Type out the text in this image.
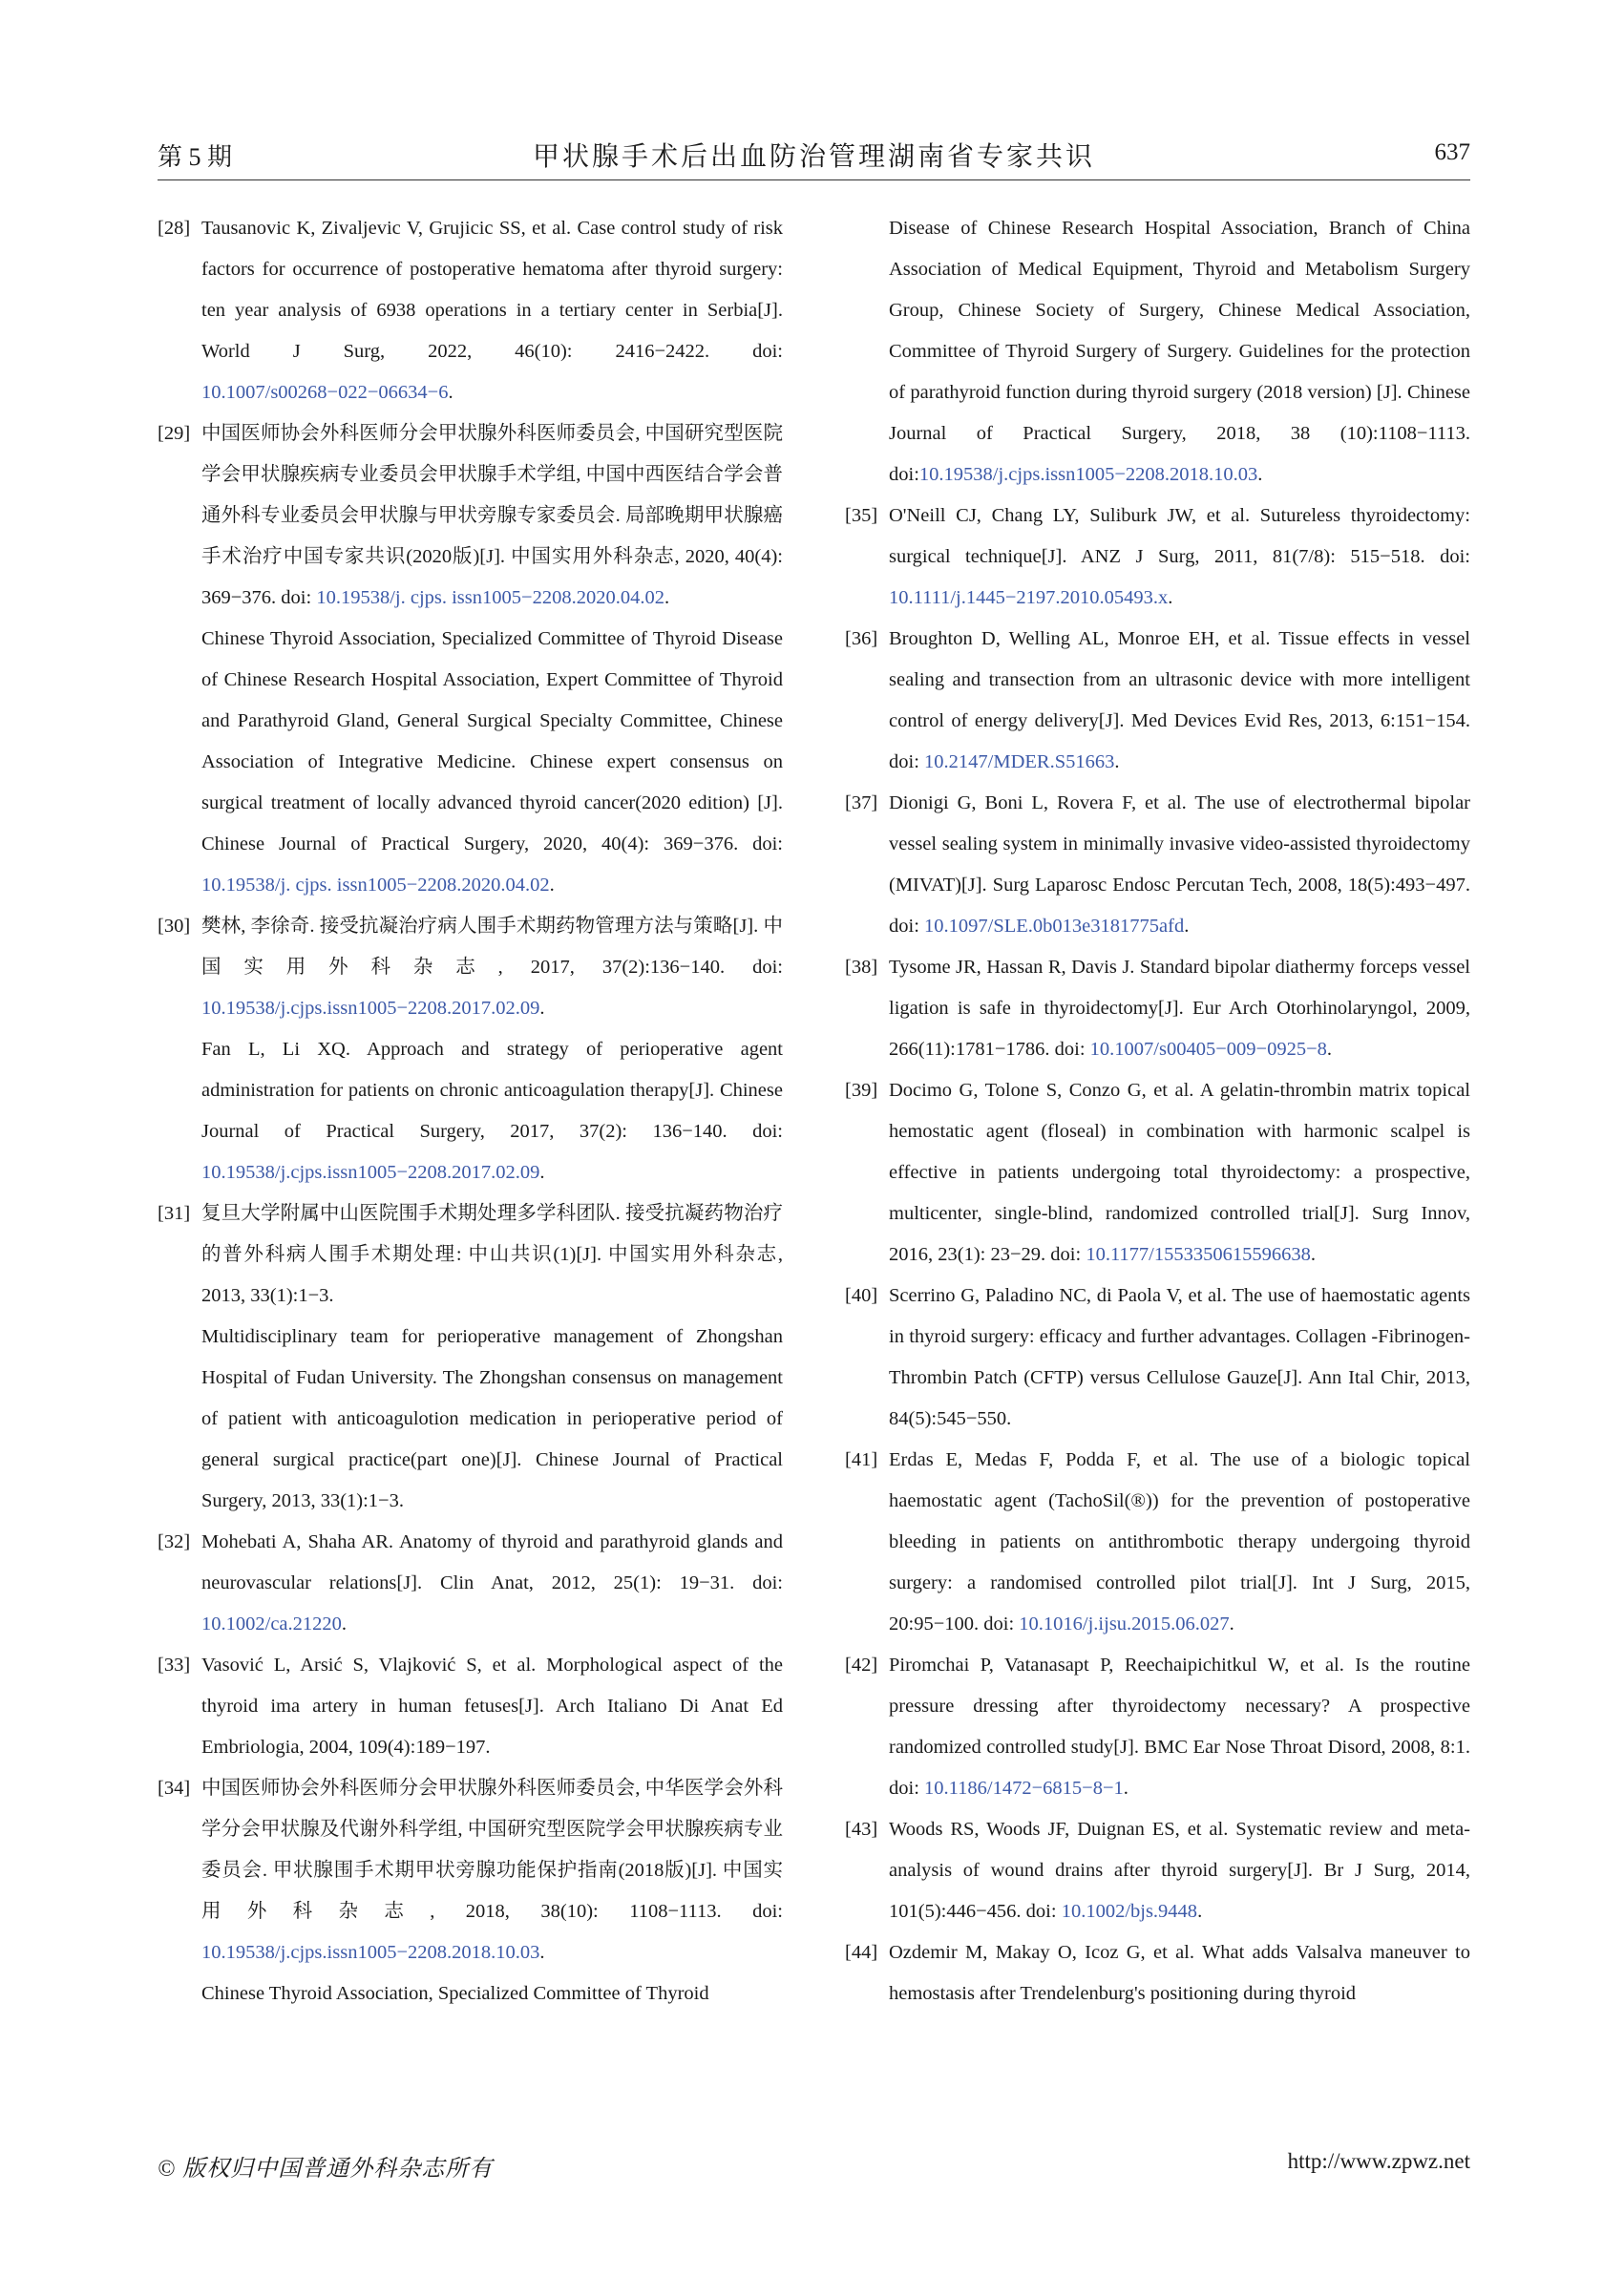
第 5 期	甲状腺手术后出血防治管理湖南省专家共识	637
[28] Tausanovic K, Zivaljevic V, Grujicic SS, et al. Case control study of risk factors for occurrence of postoperative hematoma after thyroid surgery: ten year analysis of 6938 operations in a tertiary center in Serbia[J]. World J Surg, 2022, 46(10): 2416−2422. doi: 10.1007/s00268−022−06634−6.
[29] 中国医师协会外科医师分会甲状腺外科医师委员会, 中国研究型医院学会甲状腺疾病专业委员会甲状腺手术学组, 中国中西医结合学会普通外科专业委员会甲状腺与甲状旁腺专家委员会. 局部晚期甲状腺癌手术治疗中国专家共识(2020版)[J]. 中国实用外科杂志, 2020, 40(4): 369−376. doi: 10.19538/j. cjps. issn1005−2208.2020.04.02.
Chinese Thyroid Association, Specialized Committee of Thyroid Disease of Chinese Research Hospital Association, Expert Committee of Thyroid and Parathyroid Gland, General Surgical Specialty Committee, Chinese Association of Integrative Medicine. Chinese expert consensus on surgical treatment of locally advanced thyroid cancer(2020 edition) [J]. Chinese Journal of Practical Surgery, 2020, 40(4): 369−376. doi: 10.19538/j. cjps. issn1005−2208.2020.04.02.
[30] 樊林, 李徐奇. 接受抗凝治疗病人围手术期药物管理方法与策略[J]. 中国实用外科杂志, 2017, 37(2):136−140. doi: 10.19538/j.cjps.issn1005−2208.2017.02.09.
Fan L, Li XQ. Approach and strategy of perioperative agent administration for patients on chronic anticoagulation therapy[J]. Chinese Journal of Practical Surgery, 2017, 37(2): 136−140. doi: 10.19538/j.cjps.issn1005−2208.2017.02.09.
[31] 复旦大学附属中山医院围手术期处理多学科团队. 接受抗凝药物治疗的普外科病人围手术期处理: 中山共识(1)[J]. 中国实用外科杂志, 2013, 33(1):1−3.
Multidisciplinary team for perioperative management of Zhongshan Hospital of Fudan University. The Zhongshan consensus on management of patient with anticoagulotion medication in perioperative period of general surgical practice(part one)[J]. Chinese Journal of Practical Surgery, 2013, 33(1):1−3.
[32] Mohebati A, Shaha AR. Anatomy of thyroid and parathyroid glands and neurovascular relations[J]. Clin Anat, 2012, 25(1): 19−31. doi: 10.1002/ca.21220.
[33] Vasović L, Arsić S, Vlajković S, et al. Morphological aspect of the thyroid ima artery in human fetuses[J]. Arch Italiano Di Anat Ed Embriologia, 2004, 109(4):189−197.
[34] 中国医师协会外科医师分会甲状腺外科医师委员会, 中华医学会外科学分会甲状腺及代谢外科学组, 中国研究型医院学会甲状腺疾病专业委员会. 甲状腺围手术期甲状旁腺功能保护指南(2018版)[J]. 中国实用外科杂志, 2018, 38(10): 1108−1113. doi: 10.19538/j.cjps.issn1005−2208.2018.10.03.
Chinese Thyroid Association, Specialized Committee of Thyroid
Disease of Chinese Research Hospital Association, Branch of China Association of Medical Equipment, Thyroid and Metabolism Surgery Group, Chinese Society of Surgery, Chinese Medical Association, Committee of Thyroid Surgery of Surgery. Guidelines for the protection of parathyroid function during thyroid surgery (2018 version) [J]. Chinese Journal of Practical Surgery, 2018, 38 (10):1108−1113. doi:10.19538/j.cjps.issn1005−2208.2018.10.03.
[35] O'Neill CJ, Chang LY, Suliburk JW, et al. Sutureless thyroidectomy: surgical technique[J]. ANZ J Surg, 2011, 81(7/8): 515−518. doi: 10.1111/j.1445−2197.2010.05493.x.
[36] Broughton D, Welling AL, Monroe EH, et al. Tissue effects in vessel sealing and transection from an ultrasonic device with more intelligent control of energy delivery[J]. Med Devices Evid Res, 2013, 6:151−154. doi: 10.2147/MDER.S51663.
[37] Dionigi G, Boni L, Rovera F, et al. The use of electrothermal bipolar vessel sealing system in minimally invasive video-assisted thyroidectomy (MIVAT)[J]. Surg Laparosc Endosc Percutan Tech, 2008, 18(5):493−497. doi: 10.1097/SLE.0b013e3181775afd.
[38] Tysome JR, Hassan R, Davis J. Standard bipolar diathermy forceps vessel ligation is safe in thyroidectomy[J]. Eur Arch Otorhinolaryngol, 2009, 266(11):1781−1786. doi: 10.1007/s00405−009−0925−8.
[39] Docimo G, Tolone S, Conzo G, et al. A gelatin-thrombin matrix topical hemostatic agent (floseal) in combination with harmonic scalpel is effective in patients undergoing total thyroidectomy: a prospective, multicenter, single-blind, randomized controlled trial[J]. Surg Innov, 2016, 23(1): 23−29. doi: 10.1177/1553350615596638.
[40] Scerrino G, Paladino NC, di Paola V, et al. The use of haemostatic agents in thyroid surgery: efficacy and further advantages. Collagen -Fibrinogen-Thrombin Patch (CFTP) versus Cellulose Gauze[J]. Ann Ital Chir, 2013, 84(5):545−550.
[41] Erdas E, Medas F, Podda F, et al. The use of a biologic topical haemostatic agent (TachoSil(®)) for the prevention of postoperative bleeding in patients on antithrombotic therapy undergoing thyroid surgery: a randomised controlled pilot trial[J]. Int J Surg, 2015, 20:95−100. doi: 10.1016/j.ijsu.2015.06.027.
[42] Piromchai P, Vatanasapt P, Reechaipichitkul W, et al. Is the routine pressure dressing after thyroidectomy necessary? A prospective randomized controlled study[J]. BMC Ear Nose Throat Disord, 2008, 8:1. doi: 10.1186/1472−6815−8−1.
[43] Woods RS, Woods JF, Duignan ES, et al. Systematic review and meta-analysis of wound drains after thyroid surgery[J]. Br J Surg, 2014, 101(5):446−456. doi: 10.1002/bjs.9448.
[44] Ozdemir M, Makay O, Icoz G, et al. What adds Valsalva maneuver to hemostasis after Trendelenburg's positioning during thyroid
© 版权归中国普通外科杂志所有	http://www.zpwz.net
